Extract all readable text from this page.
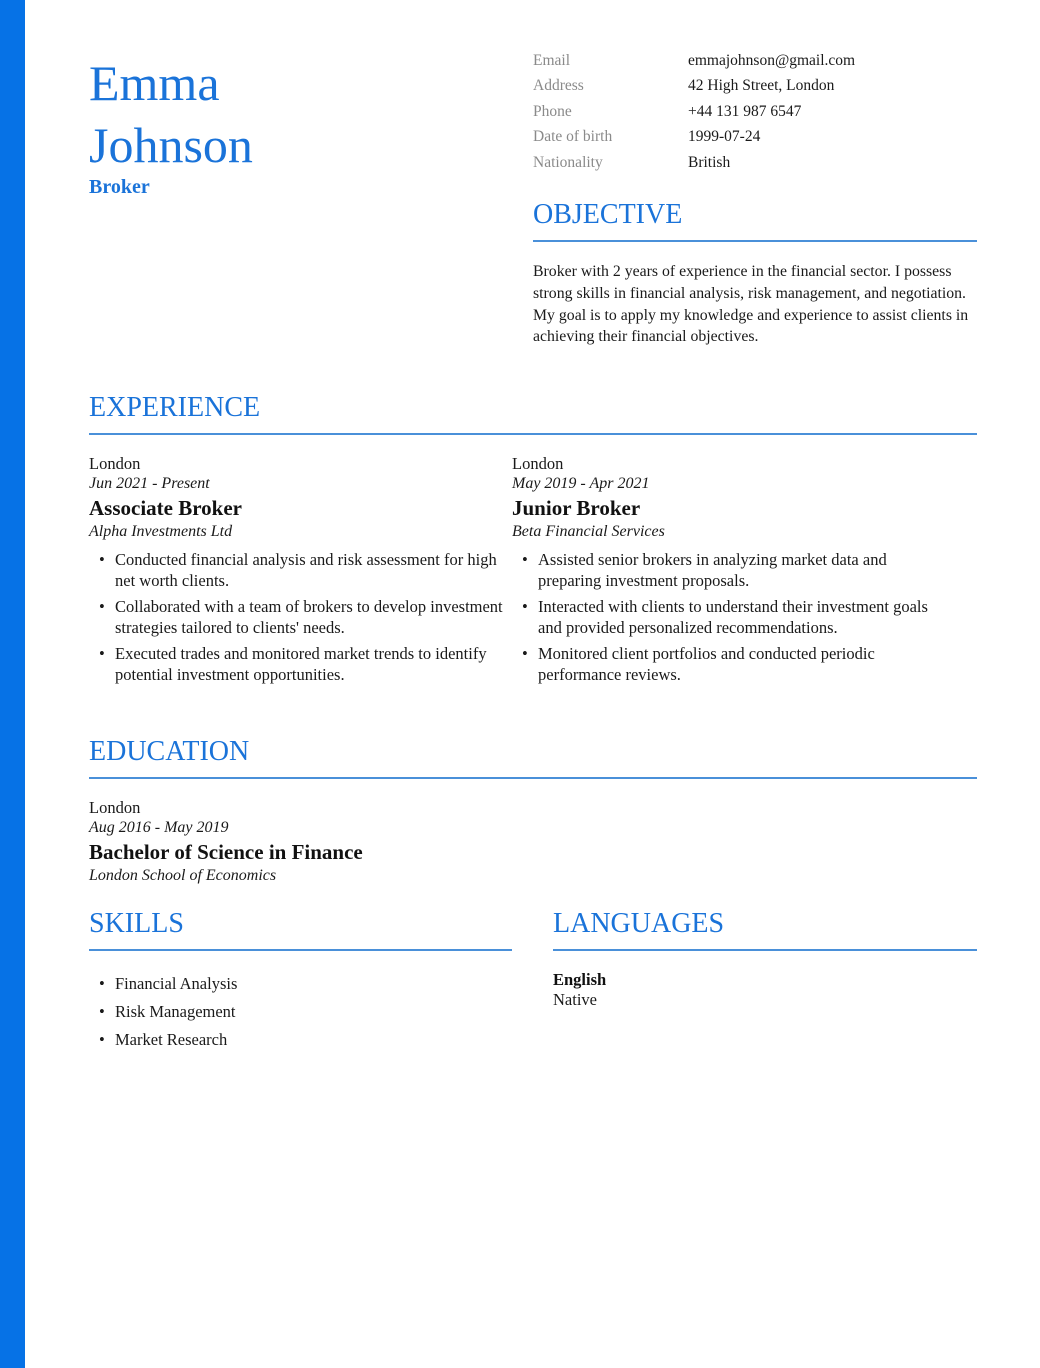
Emma
Johnson
Broker
Email	emmajohnson@gmail.com
Address	42 High Street, London
Phone	+44 131 987 6547
Date of birth	1999-07-24
Nationality	British
OBJECTIVE
Broker with 2 years of experience in the financial sector. I possess strong skills in financial analysis, risk management, and negotiation. My goal is to apply my knowledge and experience to assist clients in achieving their financial objectives.
EXPERIENCE
London
Jun 2021 - Present
Associate Broker
Alpha Investments Ltd
• Conducted financial analysis and risk assessment for high net worth clients.
• Collaborated with a team of brokers to develop investment strategies tailored to clients' needs.
• Executed trades and monitored market trends to identify potential investment opportunities.
London
May 2019 - Apr 2021
Junior Broker
Beta Financial Services
• Assisted senior brokers in analyzing market data and preparing investment proposals.
• Interacted with clients to understand their investment goals and provided personalized recommendations.
• Monitored client portfolios and conducted periodic performance reviews.
EDUCATION
London
Aug 2016 - May 2019
Bachelor of Science in Finance
London School of Economics
SKILLS
• Financial Analysis
• Risk Management
• Market Research
LANGUAGES
English
Native
